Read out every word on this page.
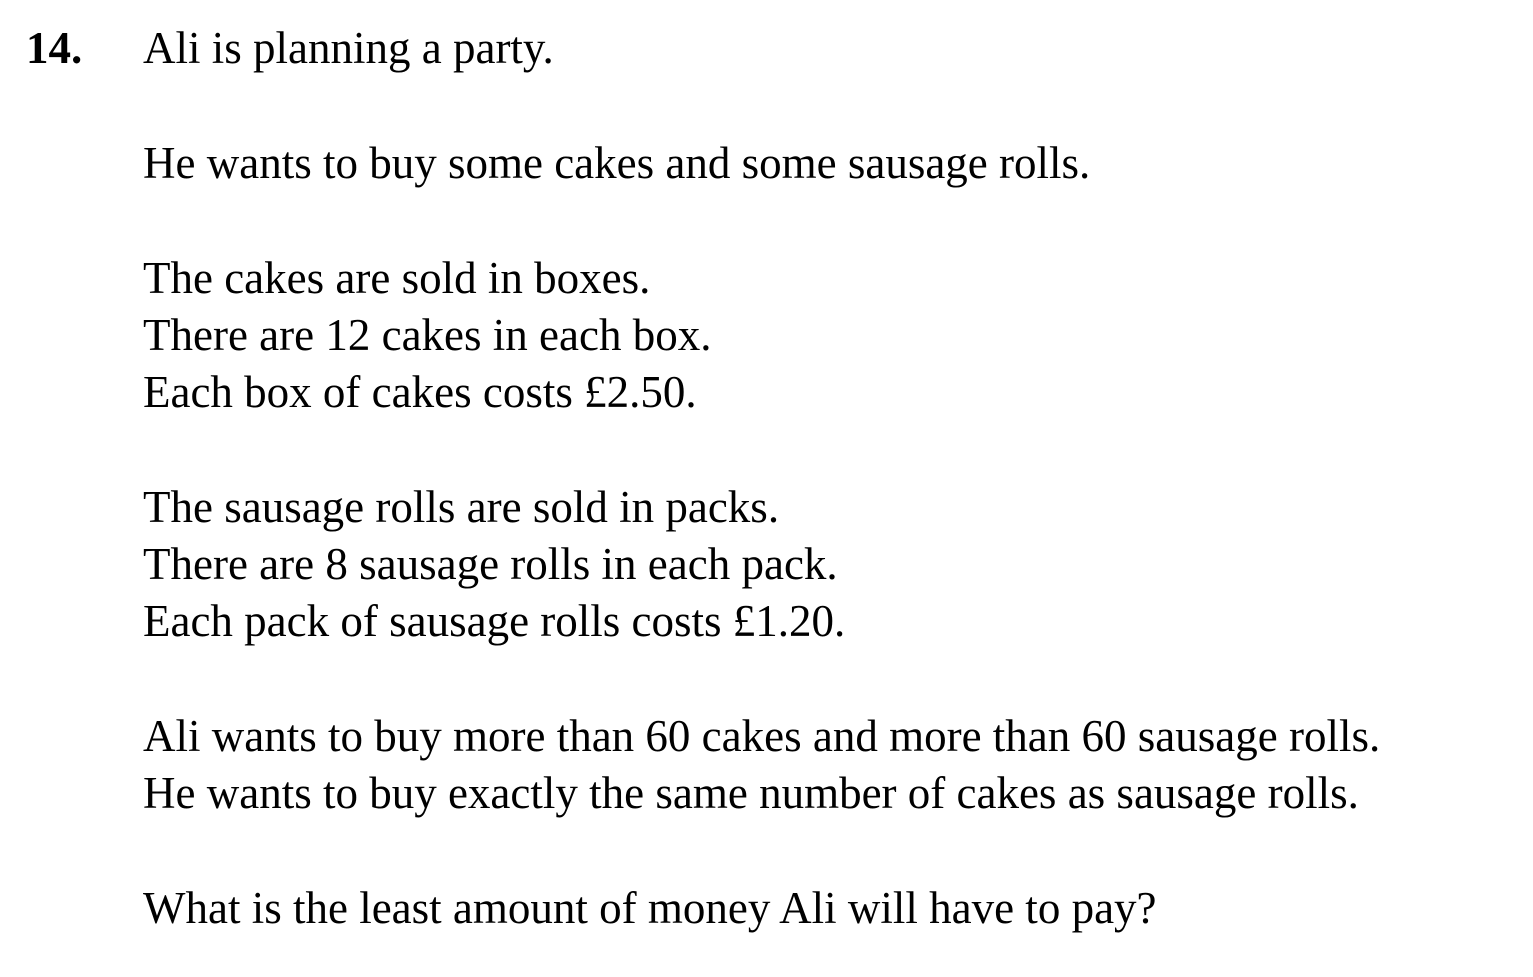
14. Ali is planning a party.

He wants to buy some cakes and some sausage rolls.

The cakes are sold in boxes.

There are 12 cakes in each box.

Each box of cakes costs £2.50.

The sausage rolls are sold in packs.

There are 8 sausage rolls in each pack.

Each pack of sausage rolls costs £1.20.

Ali wants to buy more than 60 cakes and more than 60 sausage rolls.

He wants to buy exactly the same number of cakes as sausage rolls.

What is the least amount of money Ali will have to pay?
